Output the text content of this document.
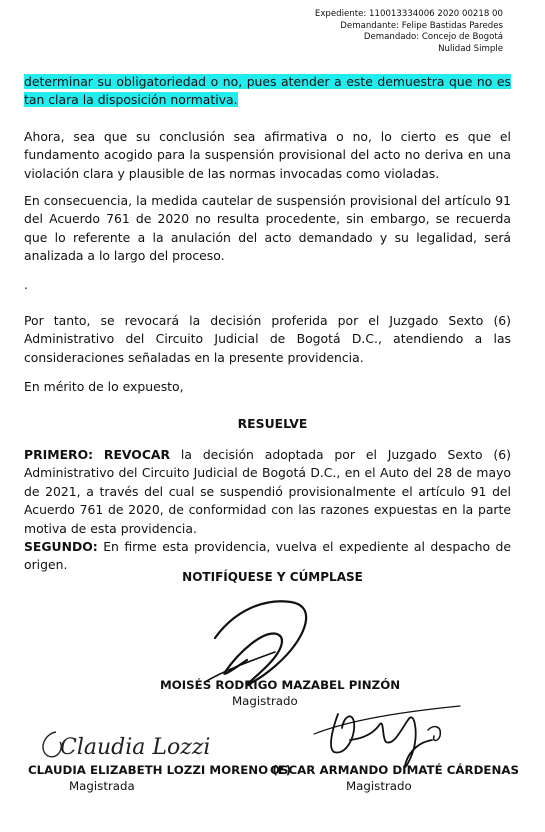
Expediente: 110013334006 2020 00218 00
Demandante: Felipe Bastidas Paredes
Demandado: Concejo de Bogotá
Nulidad Simple
determinar su obligatoriedad o no, pues atender a este demuestra que no es tan clara la disposición normativa.
Ahora, sea que su conclusión sea afirmativa o no, lo cierto es que el fundamento acogido para la suspensión provisional del acto no deriva en una violación clara y plausible de las normas invocadas como violadas.
En consecuencia, la medida cautelar de suspensión provisional del artículo 91 del Acuerdo 761 de 2020 no resulta procedente, sin embargo, se recuerda que lo referente a la anulación del acto demandado y su legalidad, será analizada a lo largo del proceso.
.
Por tanto, se revocará la decisión proferida por el Juzgado Sexto (6) Administrativo del Circuito Judicial de Bogotá D.C., atendiendo a las consideraciones señaladas en la presente providencia.
En mérito de lo expuesto,
RESUELVE
PRIMERO: REVOCAR la decisión adoptada por el Juzgado Sexto (6) Administrativo del Circuito Judicial de Bogotá D.C., en el Auto del 28 de mayo de 2021, a través del cual se suspendió provisionalmente el artículo 91 del Acuerdo 761 de 2020, de conformidad con las razones expuestas en la parte motiva de esta providencia.
SEGUNDO: En firme esta providencia, vuelva el expediente al despacho de origen.
NOTIFÍQUESE Y CÚMPLASE
MOISÉS RODRIGO MAZABEL PINZÓN
Magistrado
Claudia Lozzi
CLAUDIA ELIZABETH LOZZI MORENO (E)
Magistrada
OSCAR ARMANDO DIMATÉ CÁRDENAS
Magistrado
